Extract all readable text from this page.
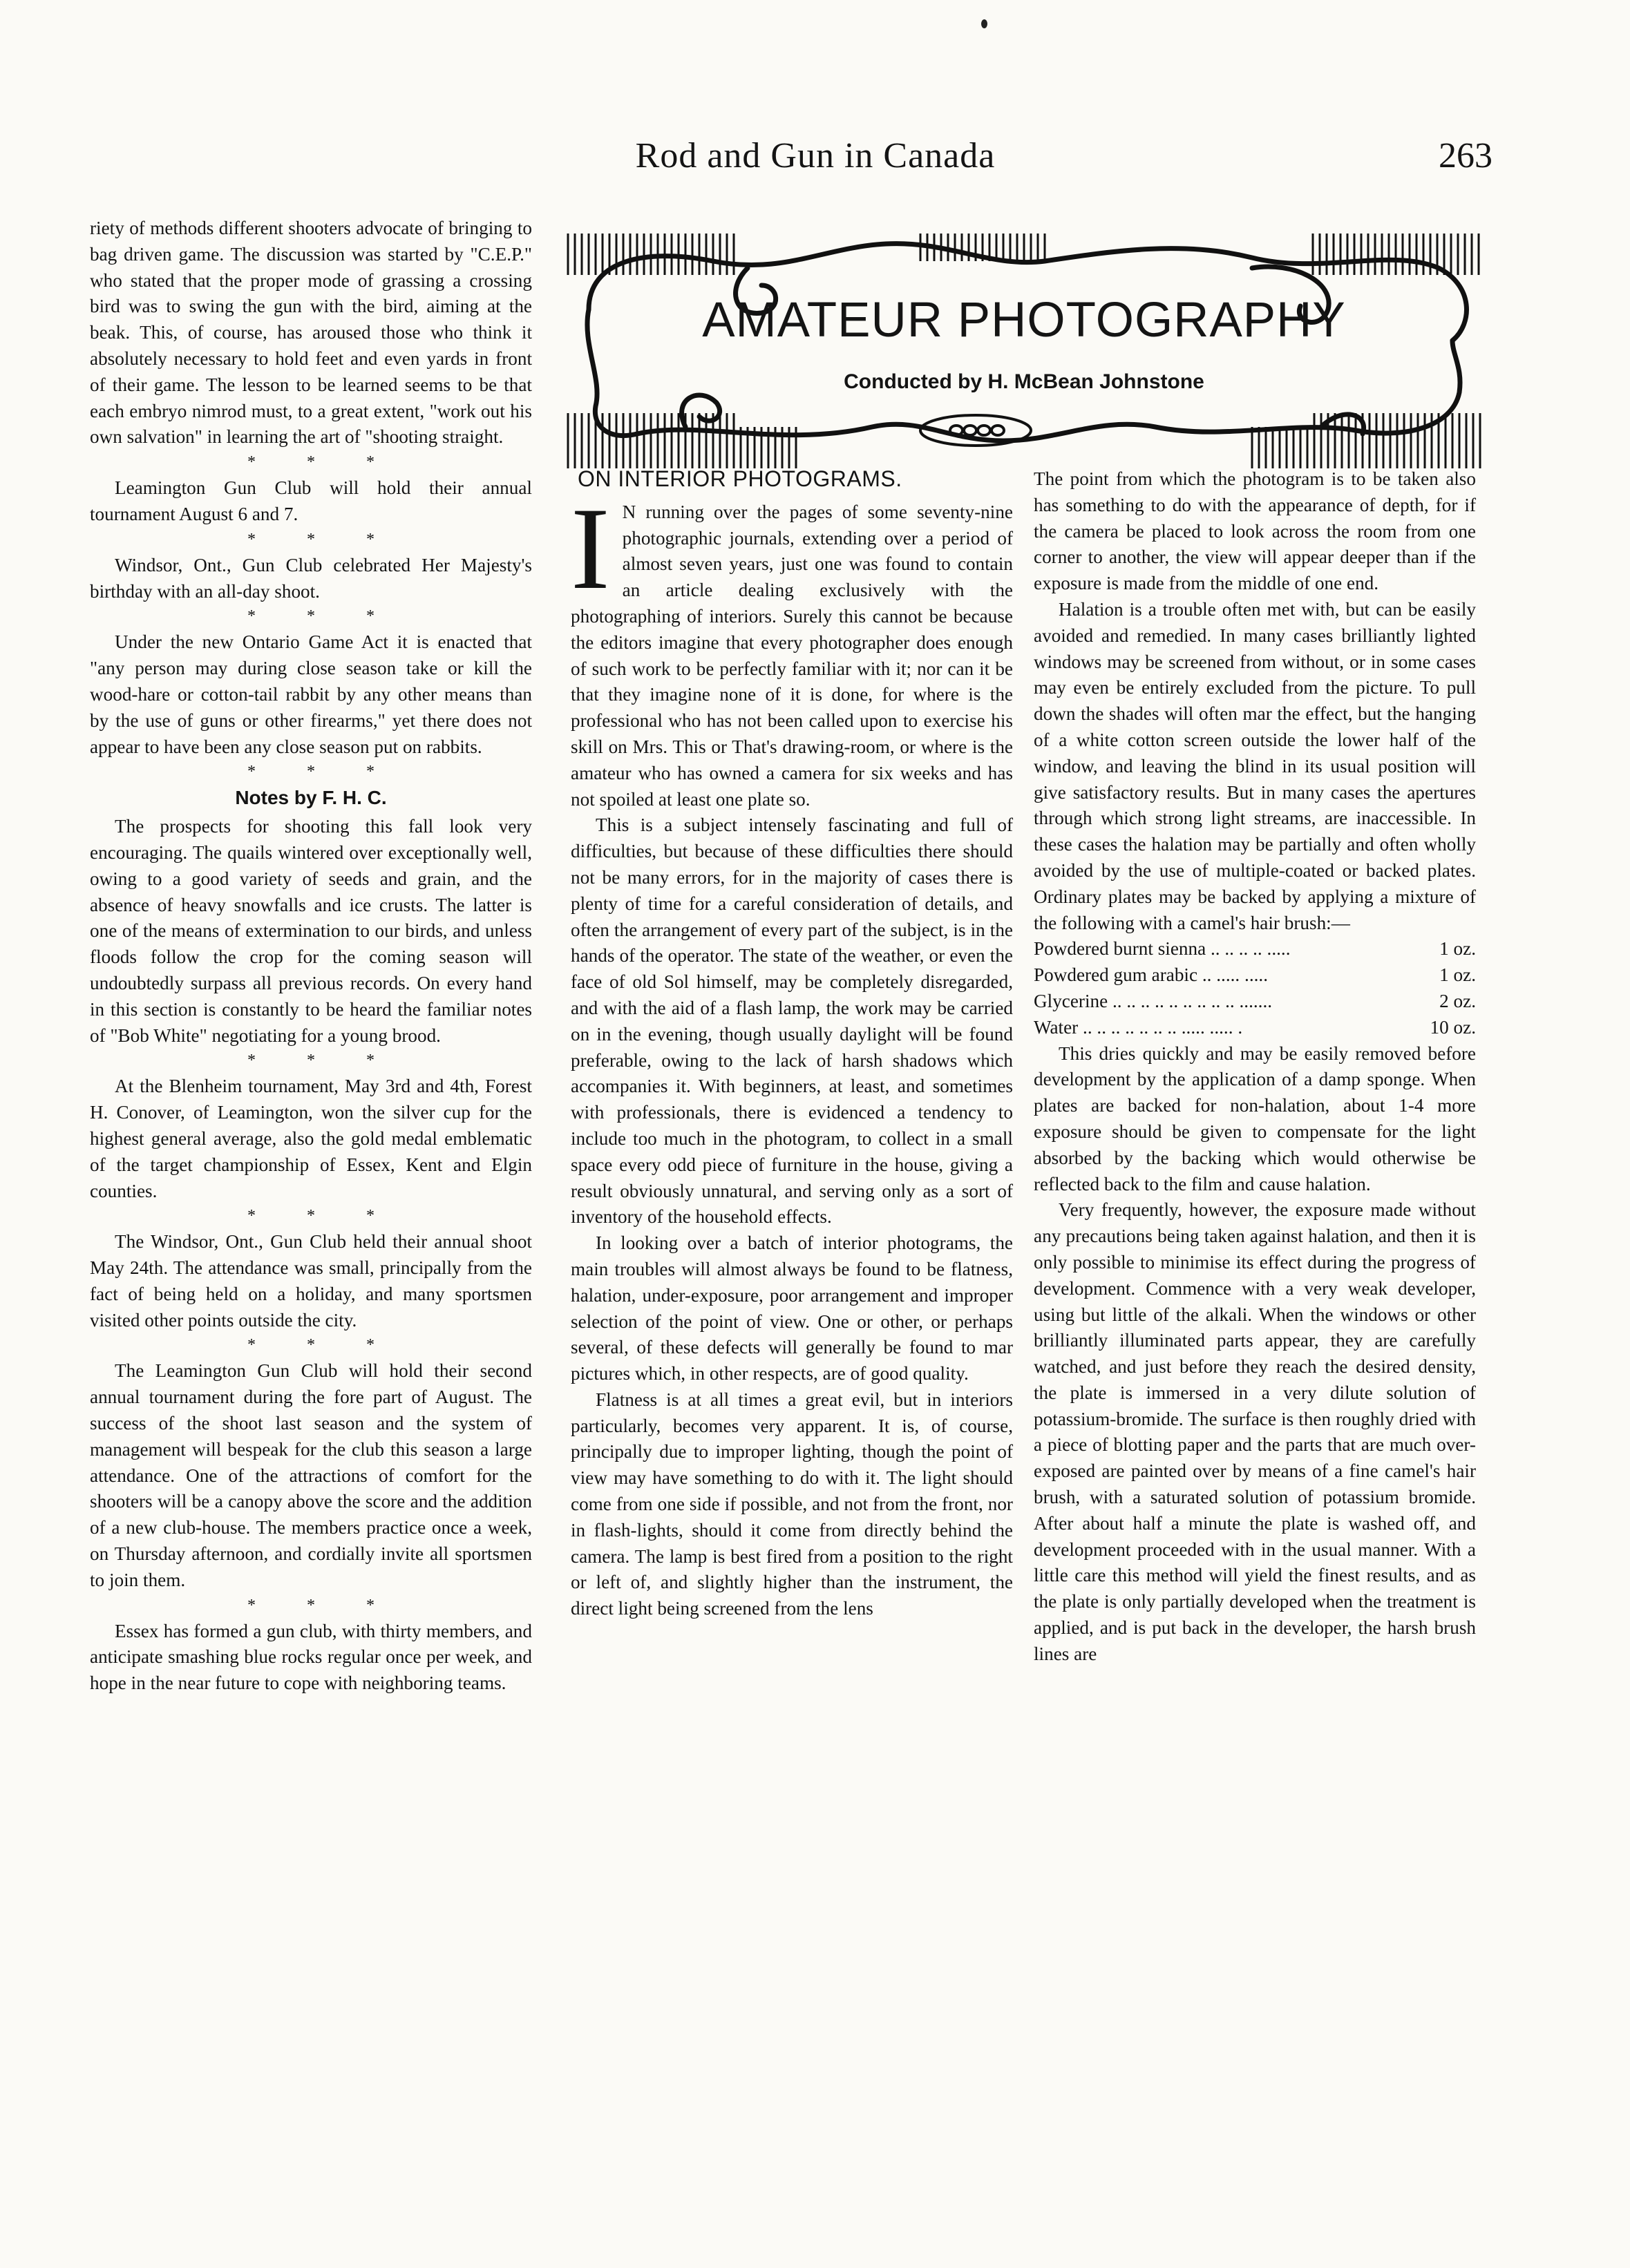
Rod and Gun in Canada	263

riety of methods different shooters advocate of bringing to bag driven game. The discussion was started by "C.E.P." who stated that the proper mode of grassing a crossing bird was to swing the gun with the bird, aiming at the beak. This, of course, has aroused those who think it absolutely necessary to hold feet and even yards in front of their game. The lesson to be learned seems to be that each embryo nimrod must, to a great extent, "work out his own salvation" in learning the art of "shooting straight.

* * *

Leamington Gun Club will hold their annual tournament August 6 and 7.

* * *

Windsor, Ont., Gun Club celebrated Her Majesty's birthday with an all-day shoot.

* * *

Under the new Ontario Game Act it is enacted that "any person may during close season take or kill the wood-hare or cotton-tail rabbit by any other means than by the use of guns or other firearms," yet there does not appear to have been any close season put on rabbits.

* * *
Notes by F. H. C.

The prospects for shooting this fall look very encouraging. The quails wintered over exceptionally well, owing to a good variety of seeds and grain, and the absence of heavy snowfalls and ice crusts. The latter is one of the means of extermination to our birds, and unless floods follow the crop for the coming season will undoubtedly surpass all previous records. On every hand in this section is constantly to be heard the familiar notes of "Bob White" negotiating for a young brood.

* * *

At the Blenheim tournament, May 3rd and 4th, Forest H. Conover, of Leamington, won the silver cup for the highest general average, also the gold medal emblematic of the target championship of Essex, Kent and Elgin counties.

* * *

The Windsor, Ont., Gun Club held their annual shoot May 24th. The attendance was small, principally from the fact of being held on a holiday, and many sportsmen visited other points outside the city.

* * *

The Leamington Gun Club will hold their second annual tournament during the fore part of August. The success of the shoot last season and the system of management will bespeak for the club this season a large attendance. One of the attractions of comfort for the shooters will be a canopy above the score and the addition of a new club-house. The members practice once a week, on Thursday afternoon, and cordially invite all sportsmen to join them.

* * *

Essex has formed a gun club, with thirty members, and anticipate smashing blue rocks regular once per week, and hope in the near future to cope with neighboring teams.

AMATEUR PHOTOGRAPHY
Conducted by H. McBean Johnstone
ON INTERIOR PHOTOGRAMS.
I N running over the pages of some seventy-nine photographic journals, extending over a period of almost seven years, just one was found to contain an article dealing exclusively with the photographing of interiors. Surely this cannot be because the editors imagine that every photographer does enough of such work to be perfectly familiar with it; nor can it be that they imagine none of it is done, for where is the professional who has not been called upon to exercise his skill on Mrs. This or That's drawing-room, or where is the amateur who has owned a camera for six weeks and has not spoiled at least one plate so.

This is a subject intensely fascinating and full of difficulties, but because of these difficulties there should not be many errors, for in the majority of cases there is plenty of time for a careful consideration of details, and often the arrangement of every part of the subject, is in the hands of the operator. The state of the weather, or even the face of old Sol himself, may be completely disregarded, and with the aid of a flash lamp, the work may be carried on in the evening, though usually daylight will be found preferable, owing to the lack of harsh shadows which accompanies it. With beginners, at least, and sometimes with professionals, there is evidenced a tendency to include too much in the photogram, to collect in a small space every odd piece of furniture in the house, giving a result obviously unnatural, and serving only as a sort of inventory of the household effects.

In looking over a batch of interior photograms, the main troubles will almost always be found to be flatness, halation, under-exposure, poor arrangement and improper selection of the point of view. One or other, or perhaps several, of these defects will generally be found to mar pictures which, in other respects, are of good quality.

Flatness is at all times a great evil, but in interiors particularly, becomes very apparent. It is, of course, principally due to improper lighting, though the point of view may have something to do with it. The light should come from one side if possible, and not from the front, nor in flash-lights, should it come from directly behind the camera. The lamp is best fired from a position to the right or left of, and slightly higher than the instrument, the direct light being screened from the lens

The point from which the photogram is to be taken also has something to do with the appearance of depth, for if the camera be placed to look across the room from one corner to another, the view will appear deeper than if the exposure is made from the middle of one end.

Halation is a trouble often met with, but can be easily avoided and remedied. In many cases brilliantly lighted windows may be screened from without, or in some cases may even be entirely excluded from the picture. To pull down the shades will often mar the effect, but the hanging of a white cotton screen outside the lower half of the window, and leaving the blind in its usual position will give satisfactory results. But in many cases the apertures through which strong light streams, are inaccessible. In these cases the halation may be partially and often wholly avoided by the use of multiple-coated or backed plates. Ordinary plates may be backed by applying a mixture of the following with a camel's hair brush:—

Powdered burnt sienna .. .. .. .. .....	1 oz.
Powdered gum arabic .. ..... .....	1 oz.
Glycerine .. .. .. .. .. .. .. .. .. .......	2 oz.
Water .. .. .. .. .. .. .. ..... ..... .	10 oz.

This dries quickly and may be easily removed before development by the application of a damp sponge. When plates are backed for non-halation, about 1-4 more exposure should be given to compensate for the light absorbed by the backing which would otherwise be reflected back to the film and cause halation.

Very frequently, however, the exposure made without any precautions being taken against halation, and then it is only possible to minimise its effect during the progress of development. Commence with a very weak developer, using but little of the alkali. When the windows or other brilliantly illuminated parts appear, they are carefully watched, and just before they reach the desired density, the plate is immersed in a very dilute solution of potassium-bromide. The surface is then roughly dried with a piece of blotting paper and the parts that are much over-exposed are painted over by means of a fine camel's hair brush, with a saturated solution of potassium bromide. After about half a minute the plate is washed off, and development proceeded with in the usual manner. With a little care this method will yield the finest results, and as the plate is only partially developed when the treatment is applied, and is put back in the developer, the harsh brush lines are
